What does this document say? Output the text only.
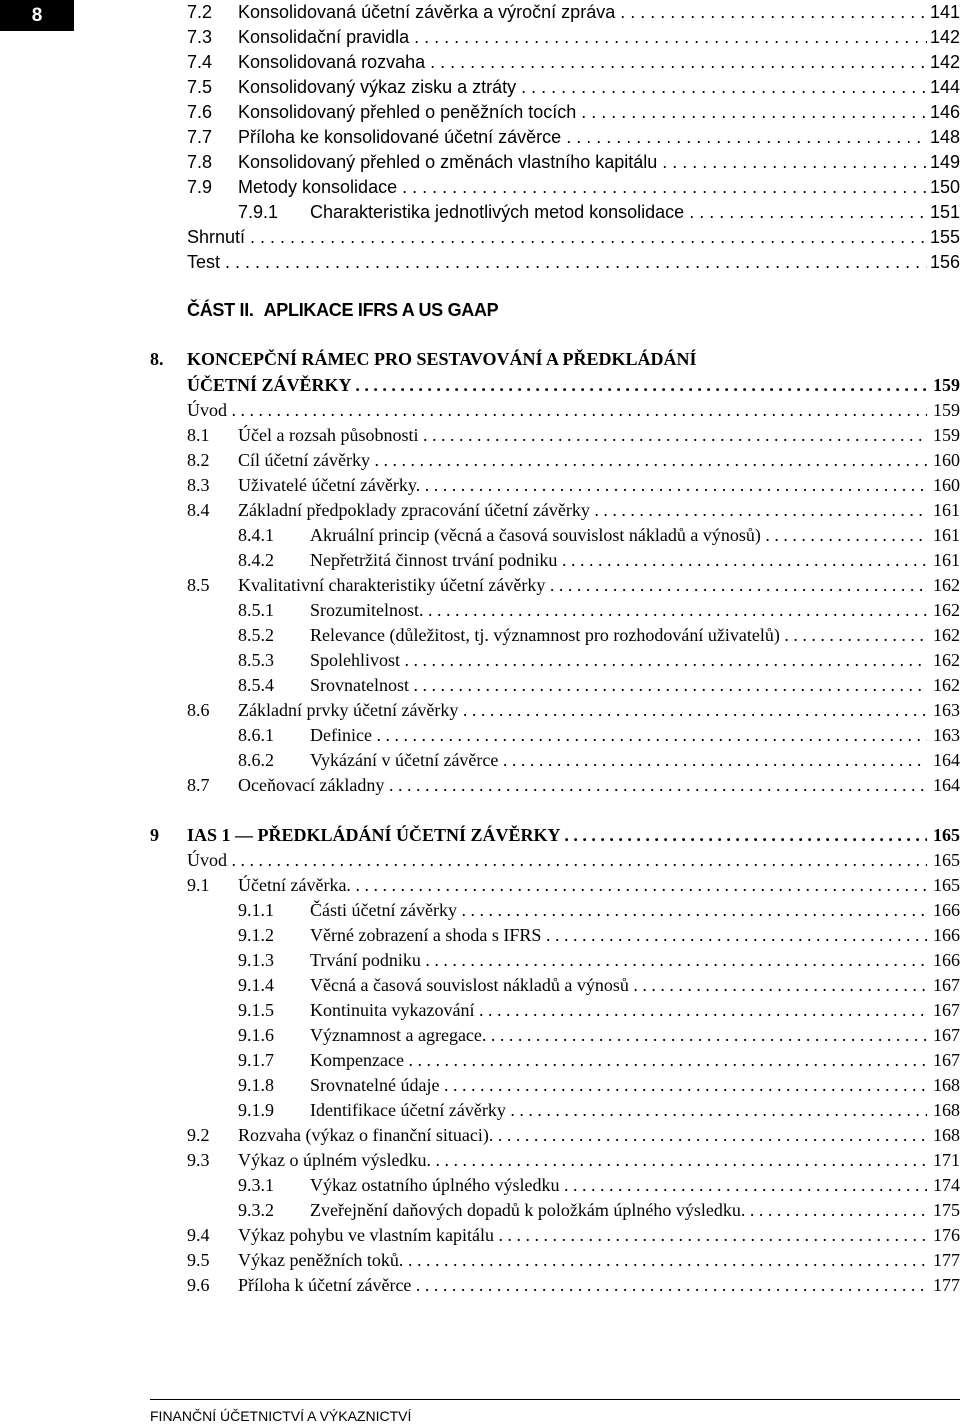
8	7.2 Konsolidovaná účetní závěrka a výroční zpráva . . .	141
7.3 Konsolidační pravidla . . .	142
7.4 Konsolidovaná rozvaha . . .	142
7.5 Konsolidovaný výkaz zisku a ztráty . . .	144
7.6 Konsolidovaný přehled o peněžních tocích . . .	146
7.7 Příloha ke konsolidované účetní závěrce . . .	148
7.8 Konsolidovaný přehled o změnách vlastního kapitálu . . .	149
7.9 Metody konsolidace . . .	150
7.9.1 Charakteristika jednotlivých metod konsolidace . . .	151
Shrnutí . . .	155
Test . . .	156
ÚČETNÍ ZÁVĚRKY . . .	159
Úvod . . .	159
8.1 Účel a rozsah působnosti . . .	159
8.2 Cíl účetní závěrky . . .	160
8.3 Uživatelé účetní závěrky. . . .	160
8.4 Základní předpoklady zpracování účetní závěrky . . .	161
8.4.1 Akruální princip (věcná a časová souvislost nákladů a výnosů) . . .	161
8.4.2 Nepřetržitá činnost trvání podniku . . .	161
8.5 Kvalitativní charakteristiky účetní závěrky . . .	162
8.5.1 Srozumitelnost. . . .	162
8.5.2 Relevance (důležitost, tj. významnost pro rozhodování uživatelů) . . .	162
8.5.3 Spolehlivost . . .	162
8.5.4 Srovnatelnost . . .	162
8.6 Základní prvky účetní závěrky . . .	163
8.6.1 Definice . . .	163
8.6.2 Vykázání v účetní závěrce . . .	164
8.7 Oceňovací základny . . .	164
9 IAS 1 — PŘEDKLÁDÁNÍ ÚČETNÍ ZÁVĚRKY . . .	165
Úvod . . .	165
9.1 Účetní závěrka. . . .	165
9.1.1 Části účetní závěrky . . .	166
9.1.2 Věrné zobrazení a shoda s IFRS . . .	166
9.1.3 Trvání podniku . . .	166
9.1.4 Věcná a časová souvislost nákladů a výnosů . . .	167
9.1.5 Kontinuita vykazování . . .	167
9.1.6 Významnost a agregace. . . .	167
9.1.7 Kompenzace . . .	167
9.1.8 Srovnatelné údaje . . .	168
9.1.9 Identifikace účetní závěrky . . .	168
9.2 Rozvaha (výkaz o finanční situaci). . . .	168
9.3 Výkaz o úplném výsledku. . . .	171
9.3.1 Výkaz ostatního úplného výsledku . . .	174
9.3.2 Zveřejnění daňových dopadů k položkám úplného výsledku. . . .	175
9.4 Výkaz pohybu ve vlastním kapitálu . . .	176
9.5 Výkaz peněžních toků. . . .	177
9.6 Příloha k účetní závěrce . . .	177
ČÁST II. APLIKACE IFRS A US GAAP
8. KONCEPČNÍ RÁMEC PRO SESTAVOVÁNÍ A PŘEDKLÁDÁNÍ
FINANČNÍ ÚČETNICTVÍ A VÝKAZNICTVÍ
